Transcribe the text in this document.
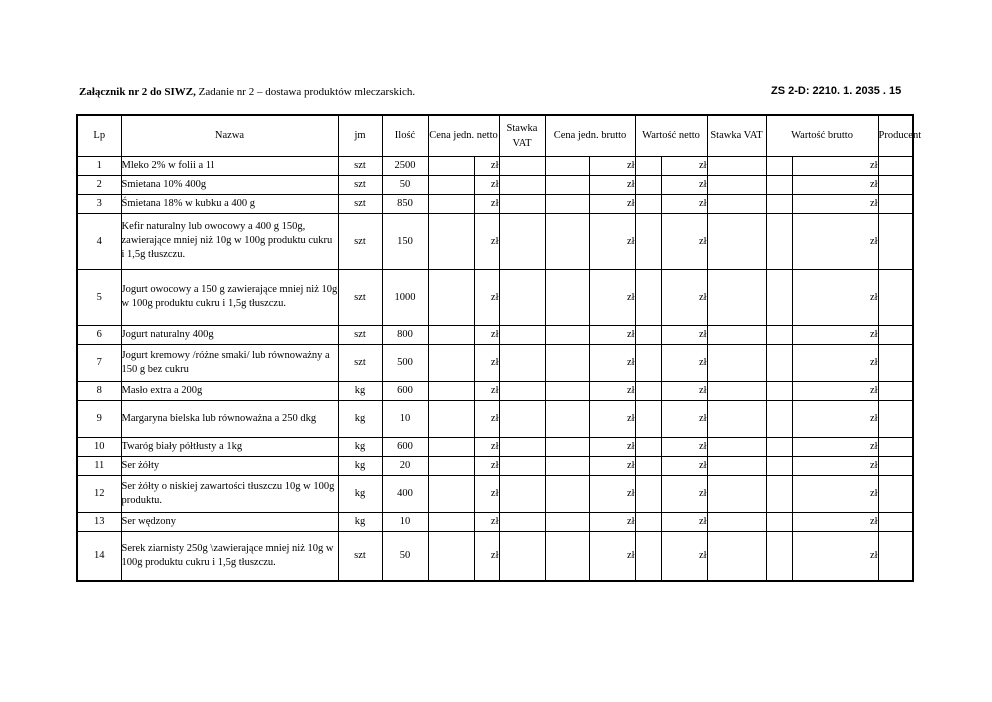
Załącznik nr 2 do SIWZ, Zadanie nr 2 – dostawa produktów mleczarskich.	ZS 2-D: 2210. 1. 2035 . 15
Lp	Nazwa	jm	Ilość	Cena jedn. netto		Stawka VAT	Cena jedn. brutto		Wartość netto		Stawka VAT	Wartość brutto		Producent
1	Mleko 2% w folii a 1l	szt	2500		zł			zł		zł			zł	
2	Smietana 10% 400g	szt	50		zł			zł		zł			zł	
3	Śmietana 18% w kubku a 400 g	szt	850		zł			zł		zł			zł	
4	Kefir naturalny lub owocowy a 400 g 150g, zawierające mniej niż 10g w 100g produktu cukru i 1,5g tłuszczu.	szt	150		zł			zł		zł			zł	
5	Jogurt owocowy a 150 g zawierające mniej niż 10g w 100g produktu cukru i 1,5g tłuszczu.	szt	1000		zł			zł		zł			zł	
6	Jogurt naturalny 400g	szt	800		zł			zł		zł			zł	
7	Jogurt kremowy /różne smaki/ lub równoważny a 150 g bez cukru	szt	500		zł			zł		zł			zł	
8	Masło extra a 200g	kg	600		zł			zł		zł			zł	
9	Margaryna bielska lub równoważna a 250 dkg	kg	10		zł			zł		zł			zł	
10	Twaróg biały półtłusty a 1kg	kg	600		zł			zł		zł			zł	
11	Ser żółty	kg	20		zł			zł		zł			zł	
12	Ser żółty o niskiej zawartości tłuszczu 10g w 100g produktu.	kg	400		zł			zł		zł			zł	
13	Ser wędzony	kg	10		zł			zł		zł			zł	
14	Serek ziarnisty 250g \zawierające mniej niż 10g w 100g produktu cukru i 1,5g tłuszczu.	szt	50		zł			zł		zł			zł	
